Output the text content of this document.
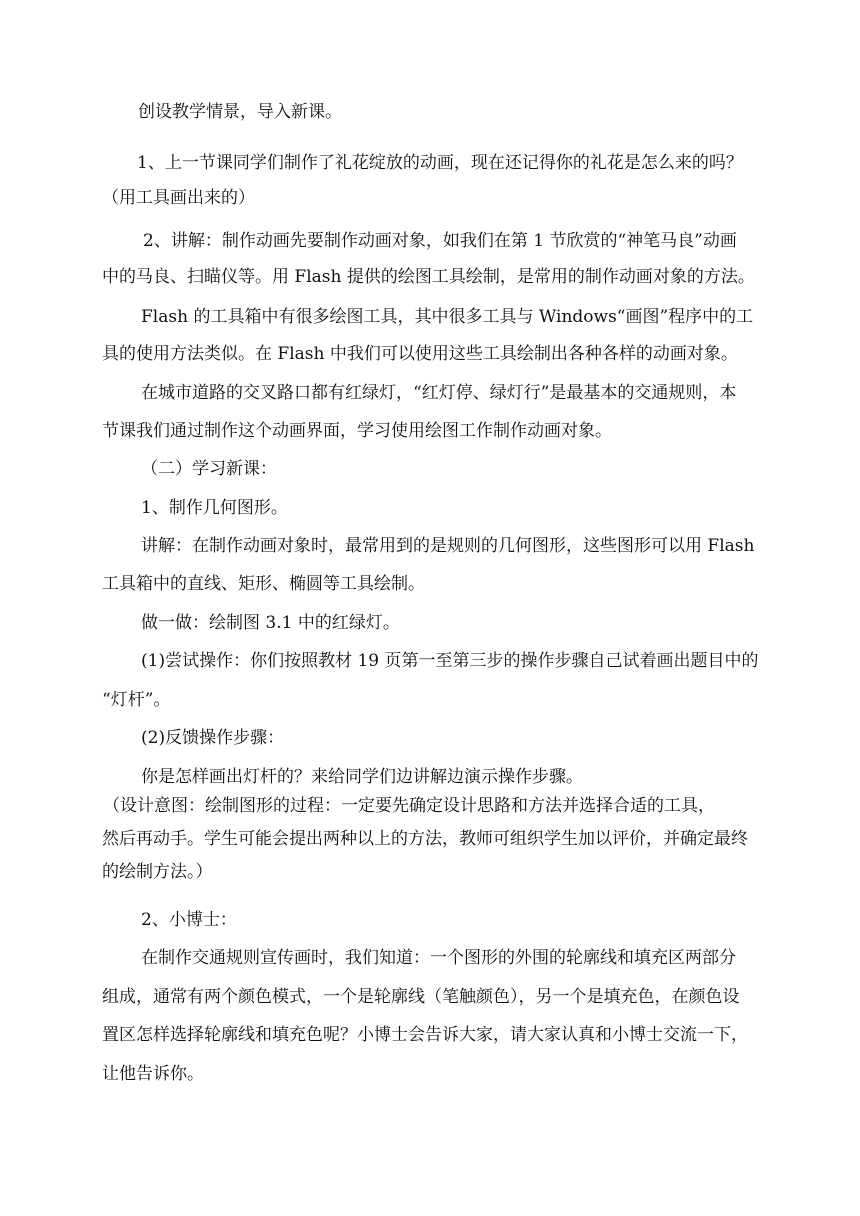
创设教学情景，导入新课。
1、上一节课同学们制作了礼花绽放的动画，现在还记得你的礼花是怎么来的吗？
（用工具画出来的）
2、讲解：制作动画先要制作动画对象，如我们在第 1 节欣赏的“神笔马良”动画
中的马良、扫瞄仪等。用 Flash 提供的绘图工具绘制，是常用的制作动画对象的方法。
Flash 的工具箱中有很多绘图工具，其中很多工具与 Windows“画图”程序中的工
具的使用方法类似。在 Flash 中我们可以使用这些工具绘制出各种各样的动画对象。
在城市道路的交叉路口都有红绿灯，“红灯停、绿灯行”是最基本的交通规则，本
节课我们通过制作这个动画界面，学习使用绘图工作制作动画对象。
（二）学习新课：
1、制作几何图形。
讲解：在制作动画对象时，最常用到的是规则的几何图形，这些图形可以用 Flash
工具箱中的直线、矩形、椭圆等工具绘制。
做一做：绘制图 3.1 中的红绿灯。
(1)尝试操作：你们按照教材 19 页第一至第三步的操作步骤自己试着画出题目中的
“灯杆”。
(2)反馈操作步骤：
你是怎样画出灯杆的？来给同学们边讲解边演示操作步骤。
（设计意图：绘制图形的过程：一定要先确定设计思路和方法并选择合适的工具，
然后再动手。学生可能会提出两种以上的方法，教师可组织学生加以评价，并确定最终
的绘制方法。）
2、小博士：
在制作交通规则宣传画时，我们知道：一个图形的外围的轮廓线和填充区两部分
组成，通常有两个颜色模式，一个是轮廓线（笔触颜色），另一个是填充色，在颜色设
置区怎样选择轮廓线和填充色呢？小博士会告诉大家，请大家认真和小博士交流一下，
让他告诉你。
